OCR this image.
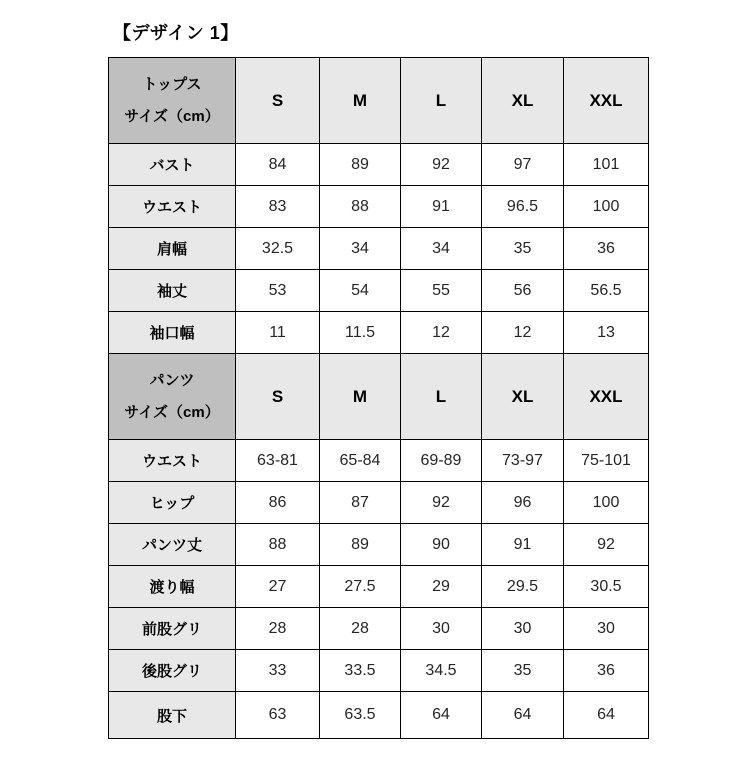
【デザイン 1】
トップス
サイズ（cm）	S	M	L	XL	XXL
バスト	84	89	92	97	101
ウエスト	83	88	91	96.5	100
肩幅	32.5	34	34	35	36
袖丈	53	54	55	56	56.5
袖口幅	11	11.5	12	12	13

パンツ
サイズ（cm）	S	M	L	XL	XXL
ウエスト	63-81	65-84	69-89	73-97	75-101
ヒップ	86	87	92	96	100
パンツ丈	88	89	90	91	92
渡り幅	27	27.5	29	29.5	30.5
前股グリ	28	28	30	30	30
後股グリ	33	33.5	34.5	35	36
股下	63	63.5	64	64	64
